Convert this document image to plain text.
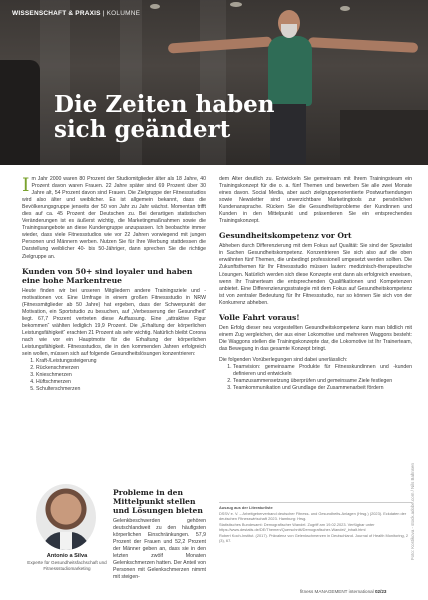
WISSENSCHAFT & PRAXIS | KOLUMNE
Die Zeiten haben
sich geändert

Im Jahr 2000 waren 80 Prozent der Studiomitglieder älter als 18 Jahre, 40 Prozent davon waren Frauen. 22 Jahre später sind 69 Prozent über 30 Jahre alt, 54 Prozent davon sind Frauen. Die Zielgruppe der Fitnessstudios wird also älter und weiblicher. Es ist allgemein bekannt, dass die Bevölkerungsgruppe jenseits der 50 von Jahr zu Jahr wächst. Momentan trifft dies auf ca. 45 Prozent der Deutschen zu. Bei derartigen statistischen Veränderungen ist es äußerst wichtig, die Marketingmaßnahmen sowie die Trainingsangebote an diese Kundengruppe anzupassen. Ich beobachte immer wieder, dass viele Fitnessstudios wie vor 22 Jahren vorwiegend mit jungen Personen und Männern werben. Nutzen Sie für Ihre Werbung stattdessen die Darstellung weiblicher 40- bis 50-Jähriger, dann sprechen Sie die richtige Zielgruppe an.

Kunden von 50+ sind loyaler und haben eine hohe Markentreue

Heute finden wir bei unseren Mitgliedern andere Trainingsziele und -motivationen vor. Eine Umfrage in einem großen Fitnessstudio in NRW (Fitnessmitglieder ab 50 Jahre) hat ergeben, dass der Schwerpunkt der Motivation, ein Sportstudio zu besuchen, auf „Verbesserung der Gesundheit“ liegt. 67,7 Prozent vertreten diese Auffassung. Eine „attraktive Figur bekommen“ wählten lediglich 19,9 Prozent. Die „Erhaltung der körperlichen Leistungsfähigkeit“ erachten 21 Prozent als sehr wichtig. Natürlich bleibt Corona nach wie vor ein Hauptmotiv für die Erhaltung der körperlichen Leistungsfähigkeit. Fitnessstudios, die in den kommenden Jahren erfolgreich sein wollen, müssen sich auf folgende Gesundheitslösungen konzentrieren:

1. Kraft-/Leistungssteigerung
2. Rückenschmerzen
3. Knieschmerzen
4. Hüftschmerzen
5. Schulterschmerzen
Antonio a Silva
Experte für Gesundheitsfachschaft und Fitnessstudiomarketing
Probleme in den Mittelpunkt stellen und Lösungen bieten

Gelenkbeschwerden gehören deutschlandweit zu den häufigsten körperlichen Einschränkungen. 57,9 Prozent der Frauen und 52,2 Prozent der Männer geben an, dass sie in den letzten zwölf Monaten Gelenkschmerzen hatten. Der Anteil von Personen mit Gelenkschmerzen nimmt mit steigen-

dem Alter deutlich zu. Entwickeln Sie gemeinsam mit Ihrem Trainingsteam ein Trainingskonzept für die o. a. fünf Themen und bewerben Sie alle zwei Monate eines davon. Social Media, aber auch zielgruppenorientierte Postwurfsendungen sowie Newsletter sind unverzichtbare Marketingtools zur persönlichen Kundenansprache. Rücken Sie die Gesundheitsprobleme der Kundinnen und Kunden in den Mittelpunkt und präsentieren Sie ein entsprechendes Trainingskonzept.

Gesundheitskompetenz vor Ort

Abheben durch Differenzierung mit dem Fokus auf Qualität: Sie sind der Spezialist in Sachen Gesundheitskompetenz. Konzentrieren Sie sich also auf die oben erwähnten fünf Themen, die unbedingt professionell umgesetzt werden sollten. Die Zukunftsthemen für Ihr Fitnessstudio müssen lauten: medizinisch-therapeutische Lösungen. Natürlich werden sich diese Konzepte erst dann als erfolgreich erweisen, wenn Ihr Trainerteam die entsprechenden Qualifikationen und Kompetenzen anbietet. Eine Differenzierungsstrategie mit dem Fokus auf Gesundheitskompetenz ist von zentraler Bedeutung für Ihr Fitnessstudio, nur so können Sie sich von der Konkurrenz abheben.

Volle Fahrt voraus!

Den Erfolg dieser neu vorgestellten Gesundheitskompetenz kann man bildlich mit einem Zug vergleichen, der aus einer Lokomotive und mehreren Waggons besteht: Die Waggons stellen die Trainingskonzepte dar, die Lokomotive ist Ihr Trainerteam, das Bewegung in das gesamte Konzept bringt.

Die folgenden Vorüberlegungen sind dabei unerlässlich:

1. Teamvision: gemeinsame Produkte für Fitnesskundinnen und -kunden definieren und entwickeln
2. Teamzusammensetzung überprüfen und gemeinsame Ziele festlegen
3. Teamkommunikation und Grundlage der Zusammenarbeit fördern

Auszug aus der Literaturliste

DSSV e. V. – Arbeitgeberverband deutscher Fitness- und Gesundheits-Anlagen (Hrsg.) (2023). Eckdaten der deutschen Fitnesswirtschaft 2023. Hamburg: Hrsg.

Statistisches Bundesamt: Demografischer Wandel. Zugriff am 19.02.2023. Verfügbar unter https://www.destatis.de/DE/Themen/Querschnitt/Demografischer-Wandel/_inhalt.html

Robert Koch-Institut. (2017). Prävalenz von Gelenkschmerzen in Deutschland. Journal of Health Monitoring, 2 (3), 67.	Foto: Kostikova - stock.adobe.com / Nils Bahnsen
fitness MANAGEMENT international 02/23
